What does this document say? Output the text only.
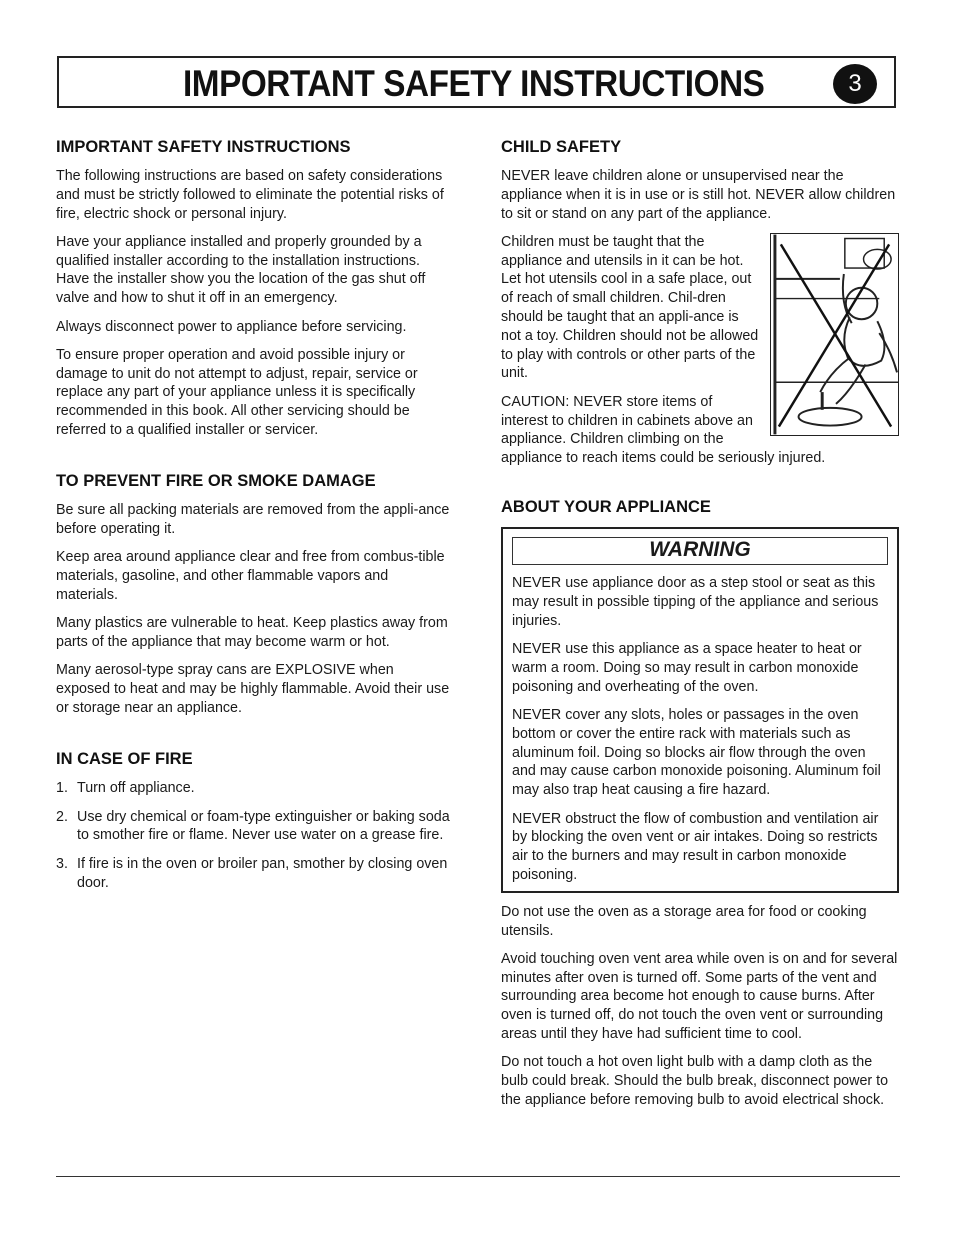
IMPORTANT SAFETY INSTRUCTIONS	3
IMPORTANT SAFETY INSTRUCTIONS

The following instructions are based on safety considerations and must be strictly followed to eliminate the potential risks of fire, electric shock or personal injury.

Have your appliance installed and properly grounded by a qualified installer according to the installation instructions. Have the installer show you the location of the gas shut off valve and how to shut it off in an emergency.

Always disconnect power to appliance before servicing.

To ensure proper operation and avoid possible injury or damage to unit do not attempt to adjust, repair, service or replace any part of your appliance unless it is specifically recommended in this book. All other servicing should be referred to a qualified installer or servicer.

TO PREVENT FIRE OR SMOKE DAMAGE

Be sure all packing materials are removed from the appli-ance before operating it.

Keep area around appliance clear and free from combus-tible materials, gasoline, and other flammable vapors and materials.

Many plastics are vulnerable to heat. Keep plastics away from parts of the appliance that may become warm or hot.

Many aerosol-type spray cans are EXPLOSIVE when exposed to heat and may be highly flammable. Avoid their use or storage near an appliance.

IN CASE OF FIRE
1. Turn off appliance.
2. Use dry chemical or foam-type extinguisher or baking soda to smother fire or flame. Never use water on a grease fire.
3. If fire is in the oven or broiler pan, smother by closing oven door.
CHILD SAFETY

NEVER leave children alone or unsupervised near the appliance when it is in use or is still hot. NEVER allow children to sit or stand on any part of the appliance.

Children must be taught that the appliance and utensils in it can be hot. Let hot utensils cool in a safe place, out of reach of small children. Chil-dren should be taught that an appli-ance is not a toy. Children should not be allowed to play with controls or other parts of the unit.

CAUTION: NEVER store items of interest to children in cabinets above an appliance. Children climbing on the appliance to reach items could be seriously injured.

ABOUT YOUR APPLIANCE
WARNING

NEVER use appliance door as a step stool or seat as this may result in possible tipping of the appliance and serious injuries.

NEVER use this appliance as a space heater to heat or warm a room. Doing so may result in carbon monoxide poisoning and overheating of the oven.

NEVER cover any slots, holes or passages in the oven bottom or cover the entire rack with materials such as aluminum foil. Doing so blocks air flow through the oven and may cause carbon monoxide poisoning. Aluminum foil may also trap heat causing a fire hazard.

NEVER obstruct the flow of combustion and ventilation air by blocking the oven vent or air intakes. Doing so restricts air to the burners and may result in carbon monoxide poisoning.

Do not use the oven as a storage area for food or cooking utensils.

Avoid touching oven vent area while oven is on and for several minutes after oven is turned off. Some parts of the vent and surrounding area become hot enough to cause burns. After oven is turned off, do not touch the oven vent or surrounding areas until they have had sufficient time to cool.

Do not touch a hot oven light bulb with a damp cloth as the bulb could break. Should the bulb break, disconnect power to the appliance before removing bulb to avoid electrical shock.
